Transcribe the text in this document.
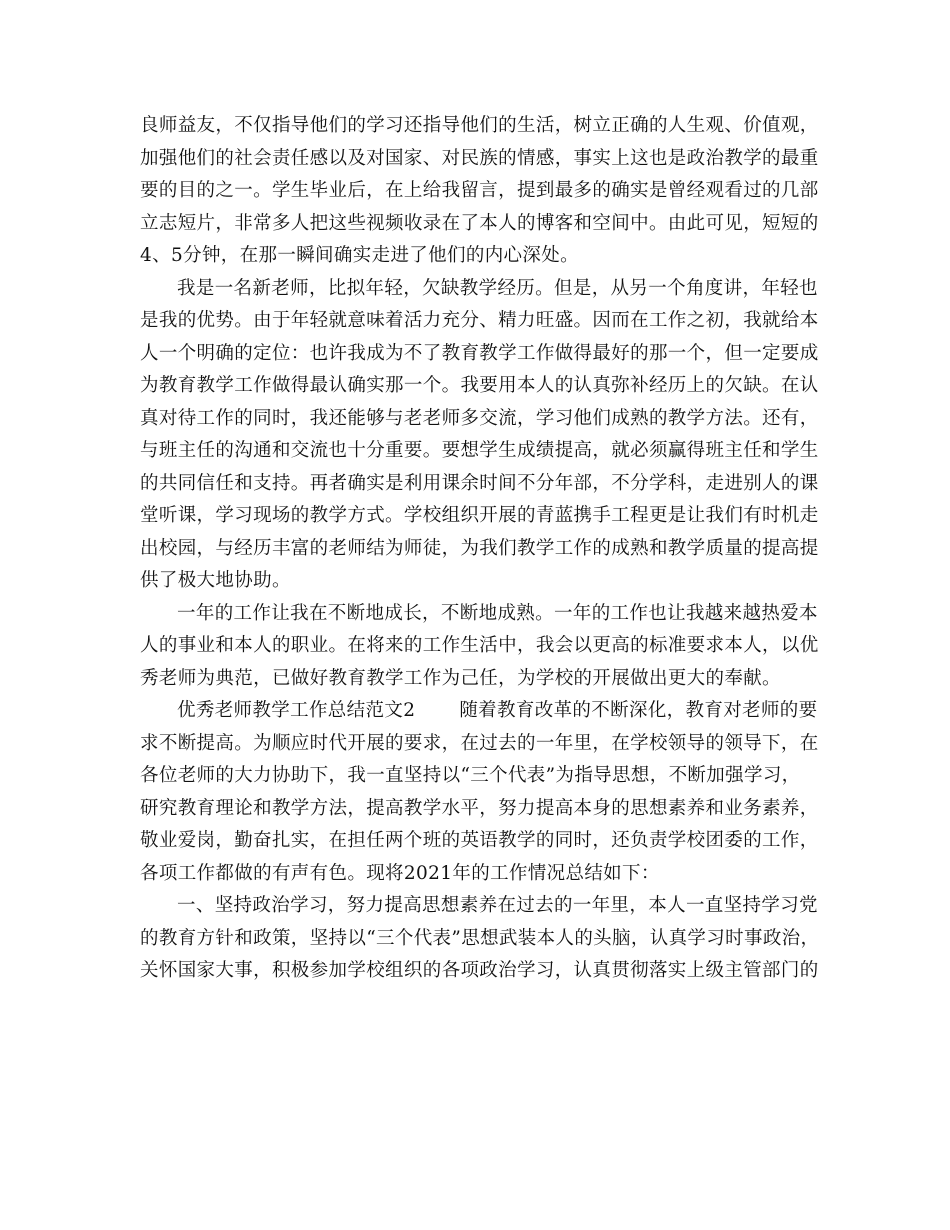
良师益友，不仅指导他们的学习还指导他们的生活，树立正确的人生观、价值观，
加强他们的社会责任感以及对国家、对民族的情感，事实上这也是政治教学的最重
要的目的之一。学生毕业后，在上给我留言，提到最多的确实是曾经观看过的几部
立志短片，非常多人把这些视频收录在了本人的博客和空间中。由此可见，短短的
4、5分钟，在那一瞬间确实走进了他们的内心深处。
我是一名新老师，比拟年轻，欠缺教学经历。但是，从另一个角度讲，年轻也
是我的优势。由于年轻就意味着活力充分、精力旺盛。因而在工作之初，我就给本
人一个明确的定位：也许我成为不了教育教学工作做得最好的那一个，但一定要成
为教育教学工作做得最认确实那一个。我要用本人的认真弥补经历上的欠缺。在认
真对待工作的同时，我还能够与老老师多交流，学习他们成熟的教学方法。还有，
与班主任的沟通和交流也十分重要。要想学生成绩提高，就必须赢得班主任和学生
的共同信任和支持。再者确实是利用课余时间不分年部，不分学科，走进别人的课
堂听课，学习现场的教学方式。学校组织开展的青蓝携手工程更是让我们有时机走
出校园，与经历丰富的老师结为师徒，为我们教学工作的成熟和教学质量的提高提
供了极大地协助。
一年的工作让我在不断地成长，不断地成熟。一年的工作也让我越来越热爱本
人的事业和本人的职业。在将来的工作生活中，我会以更高的标准要求本人，以优
秀老师为典范，已做好教育教学工作为己任，为学校的开展做出更大的奉献。
优秀老师教学工作总结范文2 随着教育改革的不断深化，教育对老师的要
求不断提高。为顺应时代开展的要求，在过去的一年里，在学校领导的领导下，在
各位老师的大力协助下，我一直坚持以“三个代表”为指导思想，不断加强学习，
研究教育理论和教学方法，提高教学水平，努力提高本身的思想素养和业务素养，
敬业爱岗，勤奋扎实，在担任两个班的英语教学的同时，还负责学校团委的工作，
各项工作都做的有声有色。现将2021年的工作情况总结如下：
一、坚持政治学习，努力提高思想素养在过去的一年里，本人一直坚持学习党
的教育方针和政策，坚持以“三个代表”思想武装本人的头脑，认真学习时事政治，
关怀国家大事，积极参加学校组织的各项政治学习，认真贯彻落实上级主管部门的
